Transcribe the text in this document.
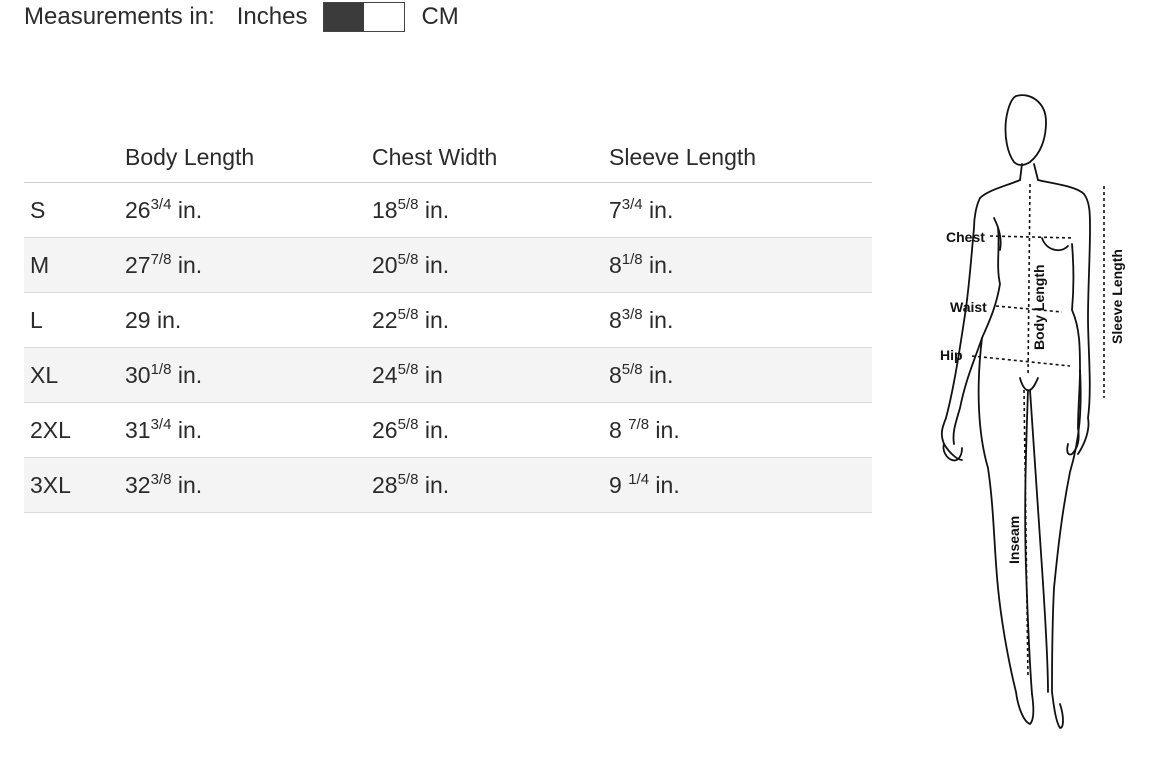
Measurements in: Inches	CM
	Body Length	Chest Width	Sleeve Length
S	$26^{3/4}$ in.	$18^{5/8}$ in.	$7^{3/4}$ in.
M	$27^{7/8}$ in.	$20^{5/8}$ in.	$8^{1/8}$ in.
L	29 in.	$22^{5/8}$ in.	$8^{3/8}$ in.
XL	$30^{1/8}$ in.	$24^{5/8}$ in	$8^{5/8}$ in.
2XL	$31^{3/4}$ in.	$26^{5/8}$ in.	8 $^{7/8}$ in.
3XL	$32^{3/8}$ in.	$28^{5/8}$ in.	9 $^{1/4}$ in.
Chest
Waist
Hip
Body Length	Sleeve Length
Inseam
